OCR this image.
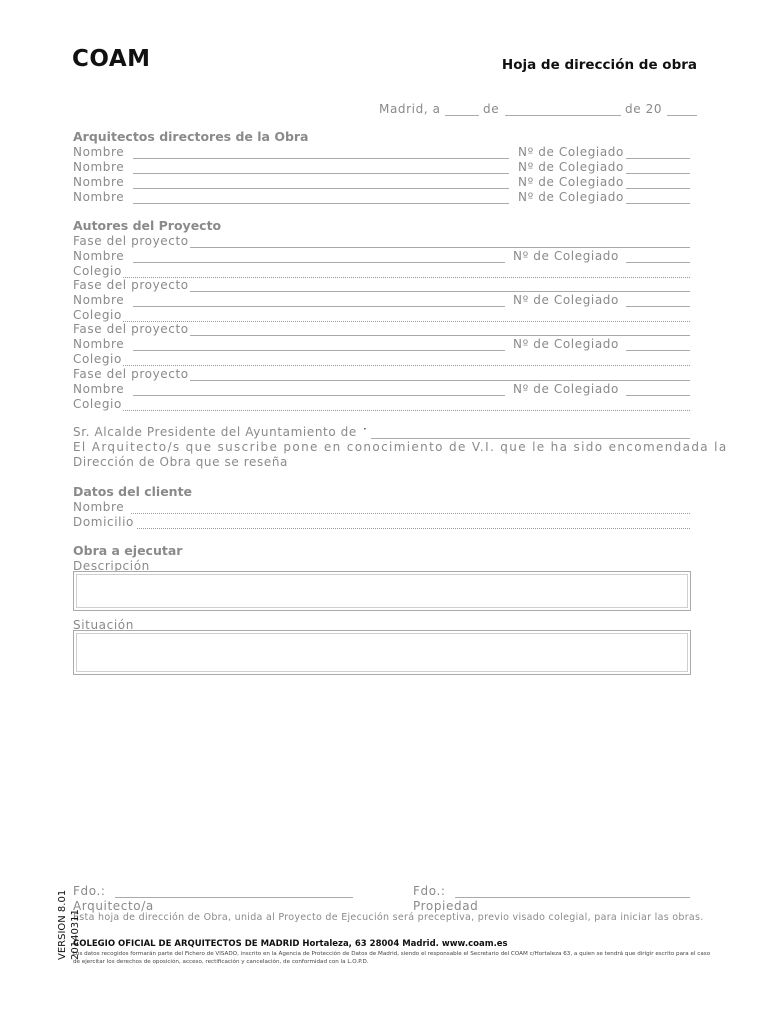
COAM	Hoja de dirección de obra
Madrid, a	de	de 20
Arquitectos directores de la Obra
Nombre	Nº de Colegiado
Nombre	Nº de Colegiado
Nombre	Nº de Colegiado
Nombre	Nº de Colegiado
Autores del Proyecto
Fase del proyecto
Nombre	Nº de Colegiado
Colegio
Fase del proyecto
Nombre	Nº de Colegiado
Colegio
Fase del proyecto
Nombre	Nº de Colegiado
Colegio
Fase del proyecto
Nombre	Nº de Colegiado
Colegio
Sr. Alcalde Presidente del Ayuntamiento de ·
El Arquitecto/s que suscribe pone en conocimiento de V.I. que le ha sido encomendada la
Dirección de Obra que se reseña
Datos del cliente
Nombre
Domicilio
Obra a ejecutar
Descripción
Situación
Fdo.:	Fdo.:
Arquitecto/a	Propiedad
Esta hoja de dirección de Obra, unida al Proyecto de Ejecución será preceptiva, previo visado colegial, para iniciar las obras.
COLEGIO OFICIAL DE ARQUITECTOS DE MADRID Hortaleza, 63 28004 Madrid. www.coam.es
Los datos recogidos formarán parte del Fichero de VISADO, inscrito en la Agencia de Protección de Datos de Madrid, siendo el responsable el Secretario del COAM c/Hortaleza 63, a quien se tendrá que dirigir escrito para el caso de ejercitar los derechos de oposición, acceso, rectificación y cancelación, de conformidad con la L.O.P.D.
VERSION 8.01 20140311
